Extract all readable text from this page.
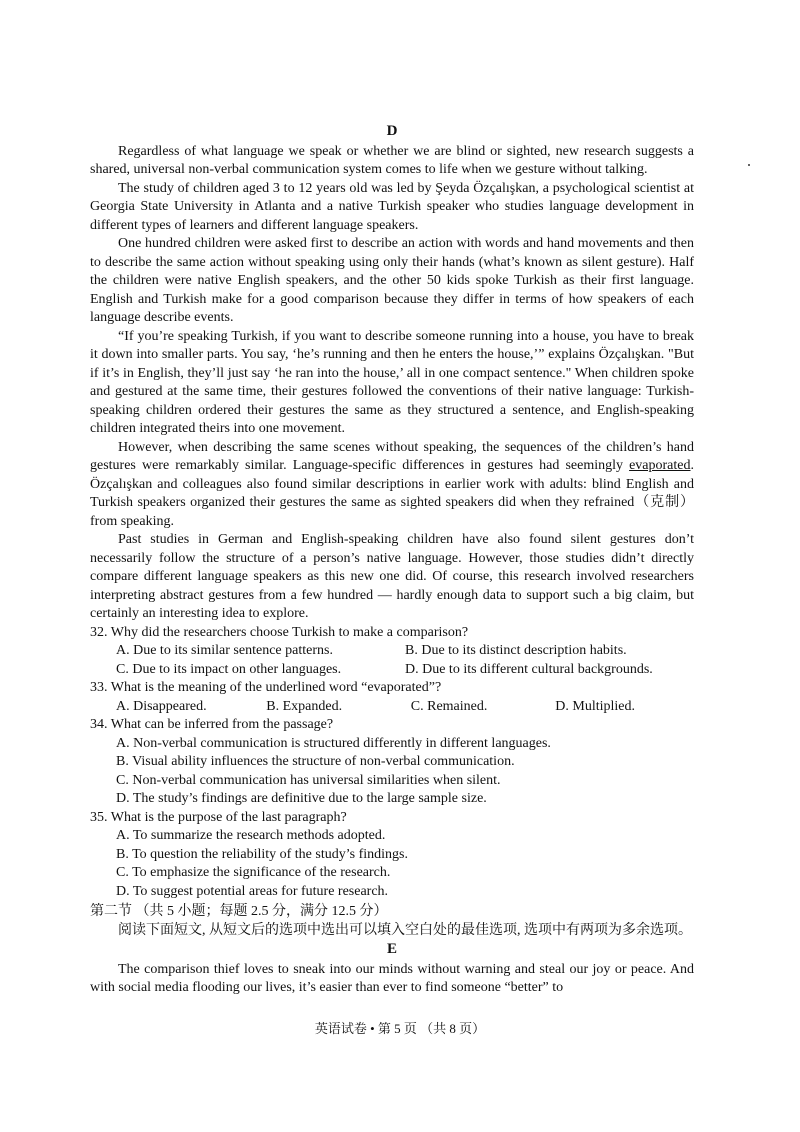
D

Regardless of what language we speak or whether we are blind or sighted, new research suggests a shared, universal non-verbal communication system comes to life when we gesture without talking.

The study of children aged 3 to 12 years old was led by Şeyda Özçalışkan, a psychological scientist at Georgia State University in Atlanta and a native Turkish speaker who studies language development in different types of learners and different language speakers.

One hundred children were asked first to describe an action with words and hand movements and then to describe the same action without speaking using only their hands (what’s known as silent gesture). Half the children were native English speakers, and the other 50 kids spoke Turkish as their first language. English and Turkish make for a good comparison because they differ in terms of how speakers of each language describe events.

“If you’re speaking Turkish, if you want to describe someone running into a house, you have to break it down into smaller parts. You say, ‘he’s running and then he enters the house,’” explains Özçalışkan. "But if it’s in English, they’ll just say ‘he ran into the house,’ all in one compact sentence." When children spoke and gestured at the same time, their gestures followed the conventions of their native language: Turkish-speaking children ordered their gestures the same as they structured a sentence, and English-speaking children integrated theirs into one movement.

However, when describing the same scenes without speaking, the sequences of the children’s hand gestures were remarkably similar. Language-specific differences in gestures had seemingly evaporated. Özçalışkan and colleagues also found similar descriptions in earlier work with adults: blind English and Turkish speakers organized their gestures the same as sighted speakers did when they refrained（克制）from speaking.

Past studies in German and English-speaking children have also found silent gestures don’t necessarily follow the structure of a person’s native language. However, those studies didn’t directly compare different language speakers as this new one did. Of course, this research involved researchers interpreting abstract gestures from a few hundred — hardly enough data to support such a big claim, but certainly an interesting idea to explore.

32. Why did the researchers choose Turkish to make a comparison?

A. Due to its similar sentence patterns.	B. Due to its distinct description habits.

C. Due to its impact on other languages.	D. Due to its different cultural backgrounds.

33. What is the meaning of the underlined word “evaporated”?

A. Disappeared.	B. Expanded.	C. Remained.	D. Multiplied.

34. What can be inferred from the passage?

A. Non-verbal communication is structured differently in different languages.

B. Visual ability influences the structure of non-verbal communication.

C. Non-verbal communication has universal similarities when silent.

D. The study’s findings are definitive due to the large sample size.

35. What is the purpose of the last paragraph?

A. To summarize the research methods adopted.

B. To question the reliability of the study’s findings.

C. To emphasize the significance of the research.

D. To suggest potential areas for future research.

第二节 （共 5 小题；每题 2.5 分，满分 12.5 分）

阅读下面短文, 从短文后的选项中选出可以填入空白处的最佳选项, 选项中有两项为多余选项。

E

The comparison thief loves to sneak into our minds without warning and steal our joy or peace. And with social media flooding our lives, it’s easier than ever to find someone “better” to

英语试卷 • 第 5 页 （共 8 页）
